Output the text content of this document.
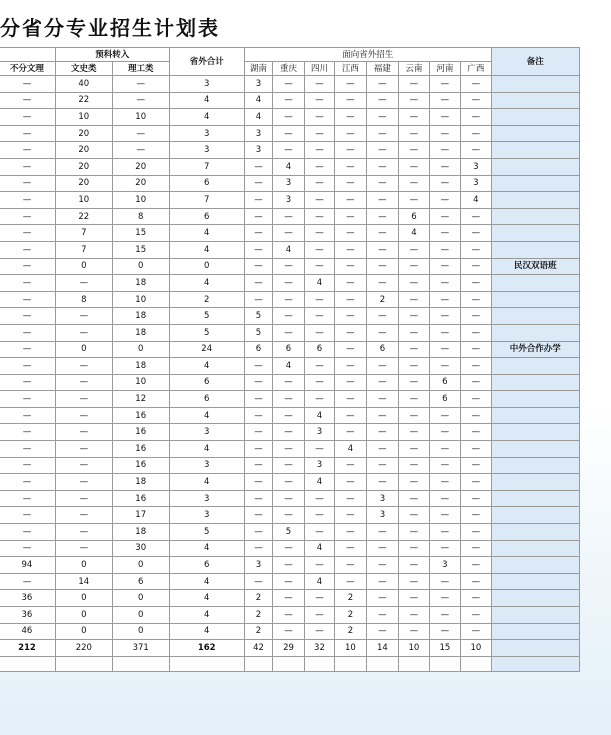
分省分专业招生计划表
	预科转入		省外合计	面向省外招生								备注
不分文理	文史类	理工类		湖南	重庆	四川	江西	福建	云南	河南	广西	
—	40	—	3	3	—	—	—	—	—	—	—	
—	22	—	4	4	—	—	—	—	—	—	—	
—	10	10	4	4	—	—	—	—	—	—	—	
—	20	—	3	3	—	—	—	—	—	—	—	
—	20	—	3	3	—	—	—	—	—	—	—	
—	20	20	7	—	4	—	—	—	—	—	3	
—	20	20	6	—	3	—	—	—	—	—	3	
—	10	10	7	—	3	—	—	—	—	—	4	
—	22	8	6	—	—	—	—	—	6	—	—	
—	7	15	4	—	—	—	—	—	4	—	—	
—	7	15	4	—	4	—	—	—	—	—	—	
—	0	0	0	—	—	—	—	—	—	—	—	民汉双语班
—	—	18	4	—	—	4	—	—	—	—	—	
—	8	10	2	—	—	—	—	2	—	—	—	
—	—	18	5	5	—	—	—	—	—	—	—	
—	—	18	5	5	—	—	—	—	—	—	—	
—	0	0	24	6	6	6	—	6	—	—	—	中外合作办学
—	—	18	4	—	4	—	—	—	—	—	—	
—	—	10	6	—	—	—	—	—	—	6	—	
—	—	12	6	—	—	—	—	—	—	6	—	
—	—	16	4	—	—	4	—	—	—	—	—	
—	—	16	3	—	—	3	—	—	—	—	—	
—	—	16	4	—	—	—	4	—	—	—	—	
—	—	16	3	—	—	3	—	—	—	—	—	
—	—	18	4	—	—	4	—	—	—	—	—	
—	—	16	3	—	—	—	—	3	—	—	—	
—	—	17	3	—	—	—	—	3	—	—	—	
—	—	18	5	—	5	—	—	—	—	—	—	
—	—	30	4	—	—	4	—	—	—	—	—	
94	0	0	6	3	—	—	—	—	—	3	—	
—	14	6	4	—	—	4	—	—	—	—	—	
36	0	0	4	2	—	—	2	—	—	—	—	
36	0	0	4	2	—	—	2	—	—	—	—	
46	0	0	4	2	—	—	2	—	—	—	—	
212	220	371	162	42	29	32	10	14	10	15	10	
